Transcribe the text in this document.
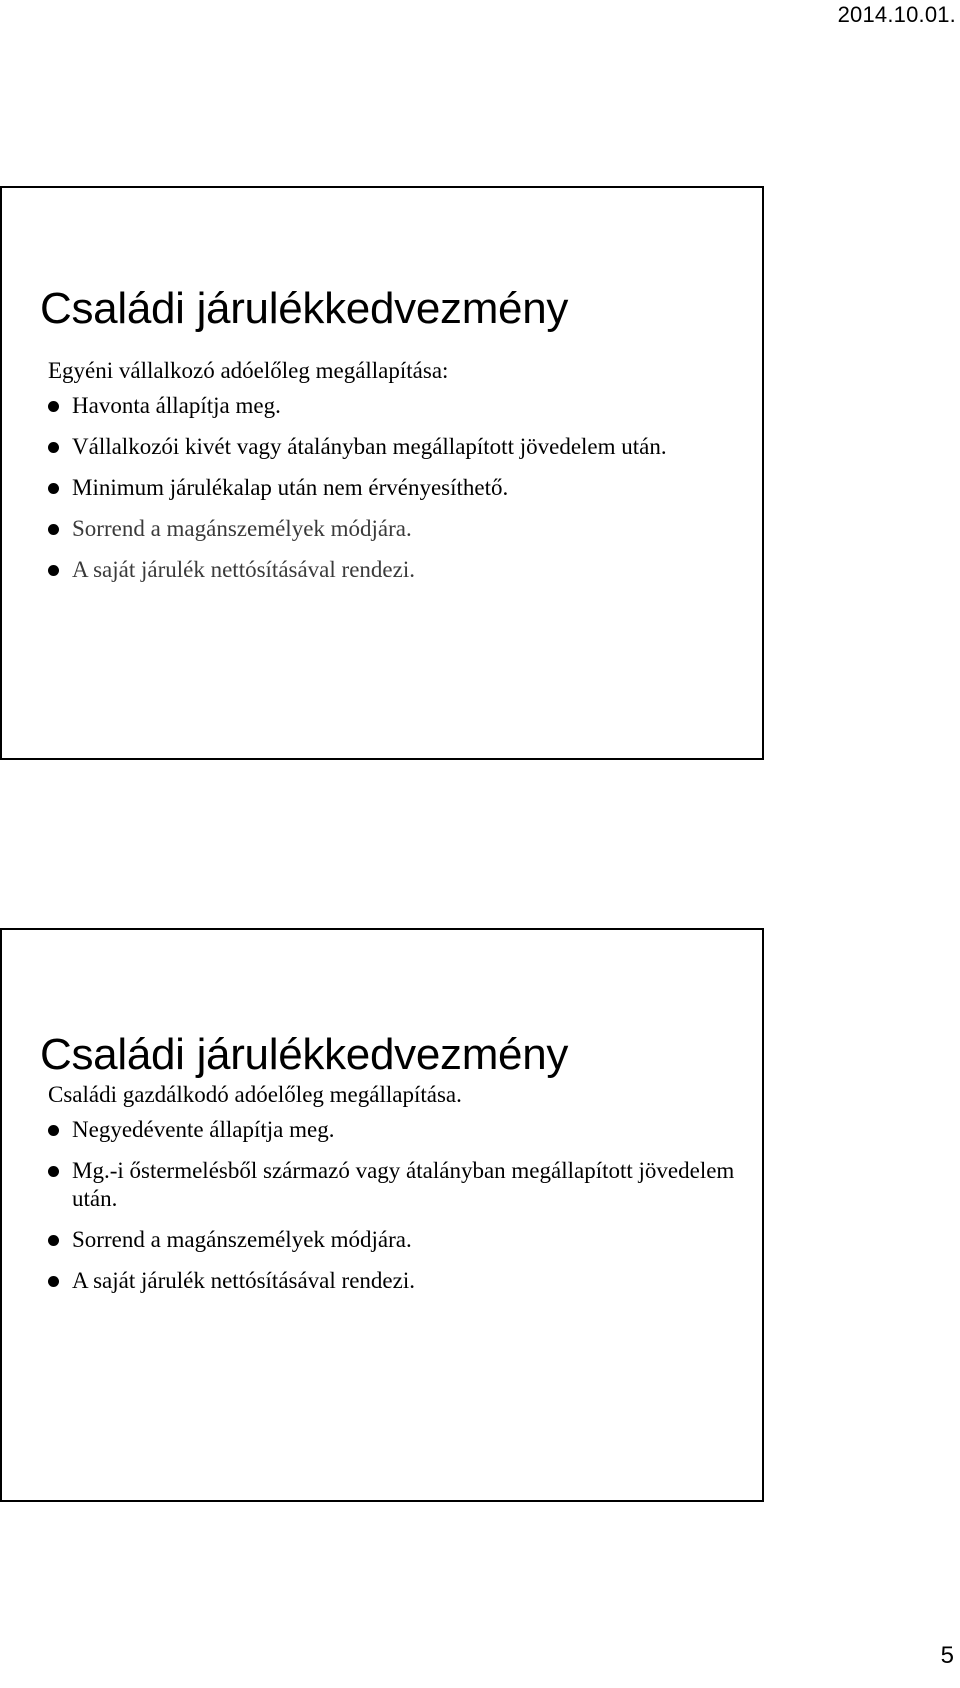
2014.10.01.
Családi járulékkedvezmény

Egyéni vállalkozó adóelőleg megállapítása:

Havonta állapítja meg.
Vállalkozói kivét vagy átalányban megállapított jövedelem után.
Minimum járulékalap után nem érvényesíthető.
Sorrend a magánszemélyek módjára.
A saját járulék nettósításával rendezi.
Családi járulékkedvezmény

Családi gazdálkodó adóelőleg megállapítása.

Negyedévente állapítja meg.
Mg.-i őstermelésből származó vagy átalányban megállapított jövedelem után.
Sorrend a magánszemélyek módjára.
A saját járulék nettósításával rendezi.
5
